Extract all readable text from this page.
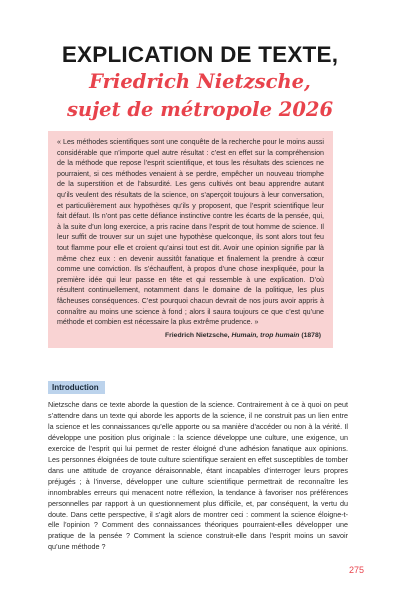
EXPLICATION DE TEXTE,
Friedrich Nietzsche,
sujet de métropole 2026

« Les méthodes scientifiques sont une conquête de la recherche pour le moins aussi considérable que n’importe quel autre résultat : c’est en effet sur la compréhension de la méthode que repose l’esprit scientifique, et tous les résultats des sciences ne pourraient, si ces méthodes venaient à se perdre, empêcher un nouveau triomphe de la superstition et de l’absurdité. Les gens cultivés ont beau apprendre autant qu’ils veulent des résultats de la science, on s’aperçoit toujours à leur conversation, et particulièrement aux hypothèses qu’ils y proposent, que l’esprit scientifique leur fait défaut. Ils n’ont pas cette défiance instinctive contre les écarts de la pensée, qui, à la suite d’un long exercice, a pris racine dans l’esprit de tout homme de science. Il leur suffit de trouver sur un sujet une hypothèse quelconque, ils sont alors tout feu tout flamme pour elle et croient qu’ainsi tout est dit. Avoir une opinion signifie par là même chez eux : en devenir aussitôt fanatique et finalement la prendre à cœur comme une conviction. Ils s’échauffent, à propos d’une chose inexpliquée, pour la première idée qui leur passe en tête et qui ressemble à une explication. D’où résultent continuellement, notamment dans le domaine de la politique, les plus fâcheuses conséquences. C’est pourquoi chacun devrait de nos jours avoir appris à connaître au moins une science à fond ; alors il saura toujours ce que c’est qu’une méthode et combien est nécessaire la plus extrême prudence. »

Friedrich Nietzsche, Humain, trop humain (1878)
Introduction

Nietzsche dans ce texte aborde la question de la science. Contrairement à ce à quoi on peut s’attendre dans un texte qui aborde les apports de la science, il ne construit pas un lien entre la science et les connaissances qu’elle apporte ou sa manière d’accéder ou non à la vérité. Il développe une position plus originale : la science développe une culture, une exigence, un exercice de l’esprit qui lui permet de rester éloigné d’une adhésion fanatique aux opinions. Les personnes éloignées de toute culture scientifique seraient en effet susceptibles de tomber dans une attitude de croyance déraisonnable, étant incapables d’interroger leurs propres préjugés ; à l’inverse, développer une culture scientifique permettrait de reconnaître les innombrables erreurs qui menacent notre réflexion, la tendance à favoriser nos préférences personnelles par rapport à un questionnement plus difficile, et, par conséquent, la vertu du doute. Dans cette perspective, il s’agit alors de montrer ceci : comment la science éloigne-t-elle l’opinion ? Comment des connaissances théoriques pourraient-elles développer une pratique de la pensée ? Comment la science construit-elle dans l’esprit moins un savoir qu’une méthode ?

275
